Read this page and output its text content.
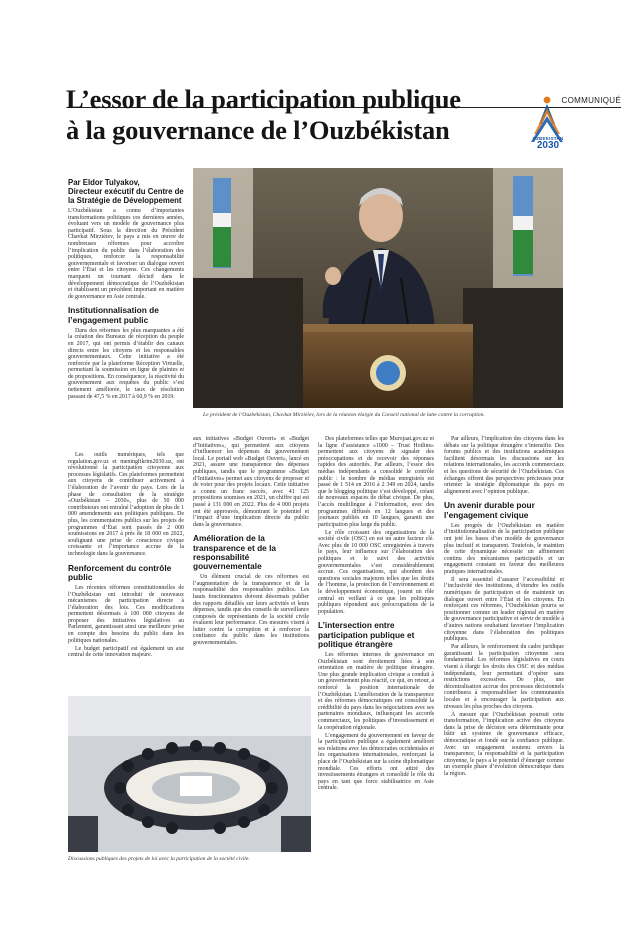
COMMUNIQUÉ
L’essor de la participation publique
à la gouvernance de l’Ouzbékistan	UZBEKISTAN
2030
Le président de l’Ouzbékistan, Chavkat Mirziéiev, lors de la réunion élargie du Conseil national de lutte contre la corruption.
Par Eldor Tulyakov,
Directeur exécutif du Centre de la Stratégie de Développement

L’Ouzbékistan a connu d’importantes transformations politiques ces dernières années, évoluant vers un modèle de gouvernance plus participatif. Sous la direction du Président Chavkat Mirziéiev, le pays a mis en œuvre de nombreuses réformes pour accroître l’implication du public dans l’élaboration des politiques, renforcer la responsabilité gouvernementale et favoriser un dialogue ouvert entre l’État et les citoyens. Ces changements marquent un tournant décisif dans le développement démocratique de l’Ouzbékistan et établissent un précédent important en matière de gouvernance en Asie centrale.

Institutionnalisation de l’engagement public

Dans des réformes les plus marquantes a été la création des Bureaux de réception du peuple en 2017, qui ont permis d’établir des canaux directs entre les citoyens et les responsables gouvernementaux. Cette initiative a été renforcée par la plateforme Réception Virtuelle, permettant la soumission en ligne de plaintes et de propositions. En conséquence, la réactivité du gouvernement aux requêtes du public s’est nettement améliorée, le taux de résolution passant de 47,5 % en 2017 à 60,9 % en 2019.

Les outils numériques, tels que regulation.gov.uz et meningfikrim2030.uz, ont révolutionné la participation citoyenne aux processus législatifs. Ces plateformes permettent aux citoyens de contribuer activement à l’élaboration de l’avenir du pays. Lors de la phase de consultation de la stratégie «Ouzbékistan – 2030», plus de 50 000 contributeurs ont entraîné l’adoption de plus de 1 000 amendements aux politiques publiques. De plus, les commentaires publics sur les projets de programmes d’État sont passés de 2 000 soumissions en 2017 à près de 18 000 en 2022, soulignant une prise de conscience civique croissante et l’importance accrue de la technologie dans la gouvernance.

Renforcement du contrôle public

Les récentes réformes constitutionnelles de l’Ouzbékistan ont introduit de nouveaux mécanismes de participation directe à l’élaboration des lois. Ces modifications permettent désormais à 100 000 citoyens de proposer des initiatives législatives au Parlement, garantissant ainsi une meilleure prise en compte des besoins du public dans les politiques nationales.

Le budget participatif est également un axe central de cette innovation majeure.

aux initiatives «Budget Ouvert» et «Budget d’Initiatives», qui permettent aux citoyens d’influencer les dépenses du gouvernement local. Le portail web «Budget Ouvert», lancé en 2021, assure une transparence des dépenses publiques, tandis que le programme «Budget d’Initiatives» permet aux citoyens de proposer et de voter pour des projets locaux. Cette initiative a connu un franc succès, avec 41 125 propositions soumises en 2021, un chiffre qui est passé à 131 000 en 2022. Plus de 4 000 projets ont été approuvés, démontrant le potentiel et l’impact d’une implication directe du public dans la gouvernance.

Amélioration de la transparence et de la responsabilité gouvernementale

Un élément crucial de ces réformes est l’augmentation de la transparence et de la responsabilité des responsables publics. Les hauts fonctionnaires doivent désormais publier des rapports détaillés sur leurs activités et leurs dépenses, tandis que des conseils de surveillance composés de représentants de la société civile évaluent leur performance. Ces mesures visent à lutter contre la corruption et à renforcer la confiance du public dans les institutions gouvernementales.

Des plateformes telles que Murojaat.gov.uz et la ligne d’assistance «1000 – Trust Hotline» permettent aux citoyens de signaler des préoccupations et de recevoir des réponses rapides des autorités. Par ailleurs, l’essor des médias indépendants a consolidé le contrôle public : le nombre de médias enregistrés est passé de 1 514 en 2016 à 2 349 en 2024, tandis que le blogging politique s’est développé, créant de nouveaux espaces de débat civique. De plus, l’accès multilingue à l’information, avec des programmes diffusés en 12 langues et des journaux publiés en 10 langues, garantit une participation plus large du public.

Le rôle croissant des organisations de la société civile (OSC) en est un autre facteur clé. Avec plus de 10 000 OSC enregistrées à travers le pays, leur influence sur l’élaboration des politiques et le suivi des activités gouvernementales s’est considérablement accrue. Ces organisations, qui abordent des questions sociales majeures telles que les droits de l’homme, la protection de l’environnement et le développement économique, jouent un rôle central en veillant à ce que les politiques publiques répondent aux préoccupations de la population.

L’intersection entre participation publique et politique étrangère

Les réformes internes de gouvernance en Ouzbékistan sont étroitement liées à son orientation en matière de politique étrangère. Une plus grande implication civique a conduit à un gouvernement plus réactif, ce qui, en retour, a renforcé la position internationale de l’Ouzbékistan. L’amélioration de la transparence et des réformes démocratiques ont consolidé la crédibilité du pays dans les négociations avec ses partenaires mondiaux, influençant les accords commerciaux, les politiques d’investissement et la coopération régionale.

L’engagement du gouvernement en faveur de la participation publique a également amélioré ses relations avec les démocraties occidentales et les organisations internationales, renforçant la place de l’Ouzbékistan sur la scène diplomatique mondiale. Ces efforts ont attiré des investissements étrangers et consolidé le rôle du pays en tant que force stabilisatrice en Asie centrale.

Par ailleurs, l’implication des citoyens dans les débats sur la politique étrangère s’intensifie. Des forums publics et des institutions académiques facilitent désormais les discussions sur les relations internationales, les accords commerciaux et les questions de sécurité de l’Ouzbékistan. Ces échanges offrent des perspectives précieuses pour orienter la stratégie diplomatique du pays en alignement avec l’opinion publique.

Un avenir durable pour l’engagement civique

Les progrès de l’Ouzbékistan en matière d’institutionnalisation de la participation publique ont jeté les bases d’un modèle de gouvernance plus inclusif et transparent. Toutefois, le maintien de cette dynamique nécessite un affinement continu des mécanismes participatifs et un engagement constant en faveur des meilleures pratiques internationales.

Il sera essentiel d’assurer l’accessibilité et l’inclusivité des institutions, d’étendre les outils numériques de participation et de maintenir un dialogue ouvert entre l’État et les citoyens. En renforçant ces réformes, l’Ouzbékistan pourra se positionner comme un leader régional en matière de gouvernance participative et servir de modèle à d’autres nations souhaitant favoriser l’implication citoyenne dans l’élaboration des politiques publiques.

Par ailleurs, le renforcement du cadre juridique garantissant la participation citoyenne sera fondamental. Les réformes législatives en cours visent à élargir les droits des OSC et des médias indépendants, leur permettant d’opérer sans restrictions excessives. De plus, une décentralisation accrue des processus décisionnels contribuera à responsabiliser les communautés locales et à encourager la participation aux niveaux les plus proches des citoyens.

À mesure que l’Ouzbékistan poursuit cette transformation, l’implication active des citoyens dans la prise de décision sera déterminante pour bâtir un système de gouvernance efficace, démocratique et fondé sur la confiance publique. Avec un engagement soutenu envers la transparence, la responsabilité et la participation citoyenne, le pays a le potentiel d’émerger comme un exemple phare d’évolution démocratique dans la région.

Discussions publiques des projets de loi avec la participation de la société civile.
